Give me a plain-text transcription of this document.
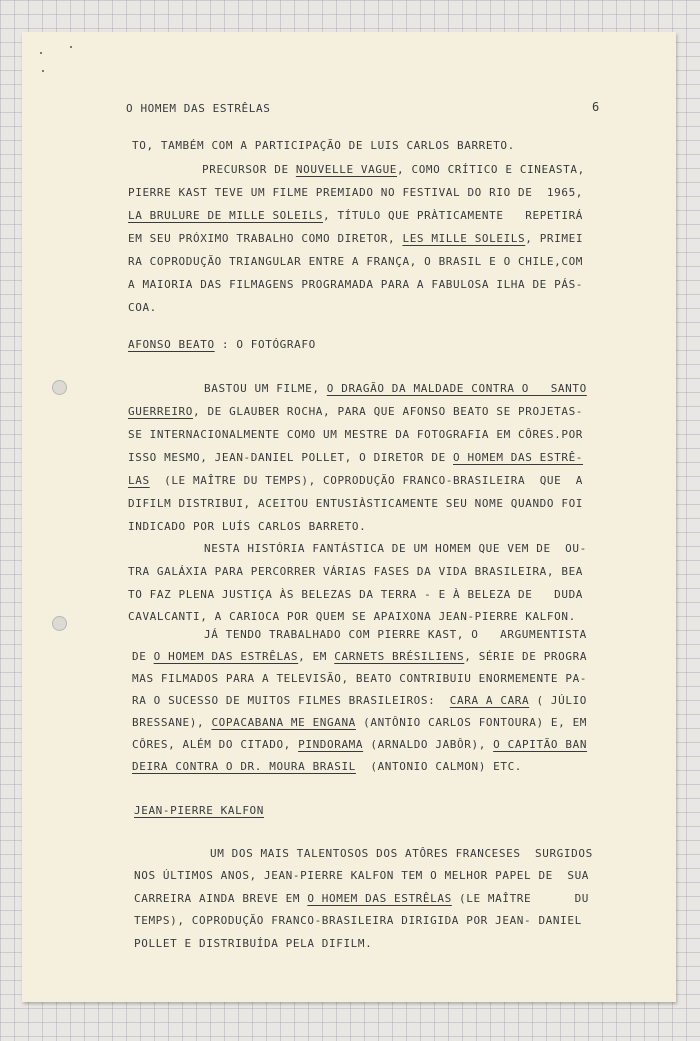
O HOMEM DAS ESTRÊLAS	6

TO, TAMBÉM COM A PARTICIPAÇÃO DE LUIS CARLOS BARRETO.

PRECURSOR DE NOUVELLE VAGUE, COMO CRÍTICO E CINEASTA,

PIERRE KAST TEVE UM FILME PREMIADO NO FESTIVAL DO RIO DE  1965,

LA BRULURE DE MILLE SOLEILS, TÍTULO QUE PRÀTICAMENTE   REPETIRÁ

EM SEU PRÓXIMO TRABALHO COMO DIRETOR, LES MILLE SOLEILS, PRIMEI

RA COPRODUÇÃO TRIANGULAR ENTRE A FRANÇA, O BRASIL E O CHILE,COM

A MAIORIA DAS FILMAGENS PROGRAMADA PARA A FABULOSA ILHA DE PÁS-

COA.

AFONSO BEATO : O FOTÓGRAFO

BASTOU UM FILME, O DRAGÃO DA MALDADE CONTRA O   SANTO

GUERREIRO, DE GLAUBER ROCHA, PARA QUE AFONSO BEATO SE PROJETAS-

SE INTERNACIONALMENTE COMO UM MESTRE DA FOTOGRAFIA EM CÔRES.POR

ISSO MESMO, JEAN-DANIEL POLLET, O DIRETOR DE O HOMEM DAS ESTRÊ-

LAS  (LE MAÎTRE DU TEMPS), COPRODUÇÃO FRANCO-BRASILEIRA  QUE  A

DIFILM DISTRIBUI, ACEITOU ENTUSIÀSTICAMENTE SEU NOME QUANDO FOI

INDICADO POR LUÍS CARLOS BARRETO.

NESTA HISTÓRIA FANTÁSTICA DE UM HOMEM QUE VEM DE  OU-

TRA GALÁXIA PARA PERCORRER VÁRIAS FASES DA VIDA BRASILEIRA, BEA

TO FAZ PLENA JUSTIÇA ÀS BELEZAS DA TERRA - E À BELEZA DE   DUDA

CAVALCANTI, A CARIOCA POR QUEM SE APAIXONA JEAN-PIERRE KALFON.

JÁ TENDO TRABALHADO COM PIERRE KAST, O   ARGUMENTISTA

DE O HOMEM DAS ESTRÊLAS, EM CARNETS BRÉSILIENS, SÉRIE DE PROGRA

MAS FILMADOS PARA A TELEVISÃO, BEATO CONTRIBUIU ENORMEMENTE PA-

RA O SUCESSO DE MUITOS FILMES BRASILEIROS:  CARA A CARA ( JÚLIO

BRESSANE), COPACABANA ME ENGANA (ANTÔNIO CARLOS FONTOURA) E, EM

CÔRES, ALÉM DO CITADO, PINDORAMA (ARNALDO JABÔR), O CAPITÃO BAN

DEIRA CONTRA O DR. MOURA BRASIL  (ANTONIO CALMON) ETC.

JEAN-PIERRE KALFON

UM DOS MAIS TALENTOSOS DOS ATÔRES FRANCESES  SURGIDOS

NOS ÚLTIMOS ANOS, JEAN-PIERRE KALFON TEM O MELHOR PAPEL DE  SUA

CARREIRA AINDA BREVE EM O HOMEM DAS ESTRÊLAS (LE MAÎTRE      DU

TEMPS), COPRODUÇÃO FRANCO-BRASILEIRA DIRIGIDA POR JEAN- DANIEL

POLLET E DISTRIBUÍDA PELA DIFILM.
